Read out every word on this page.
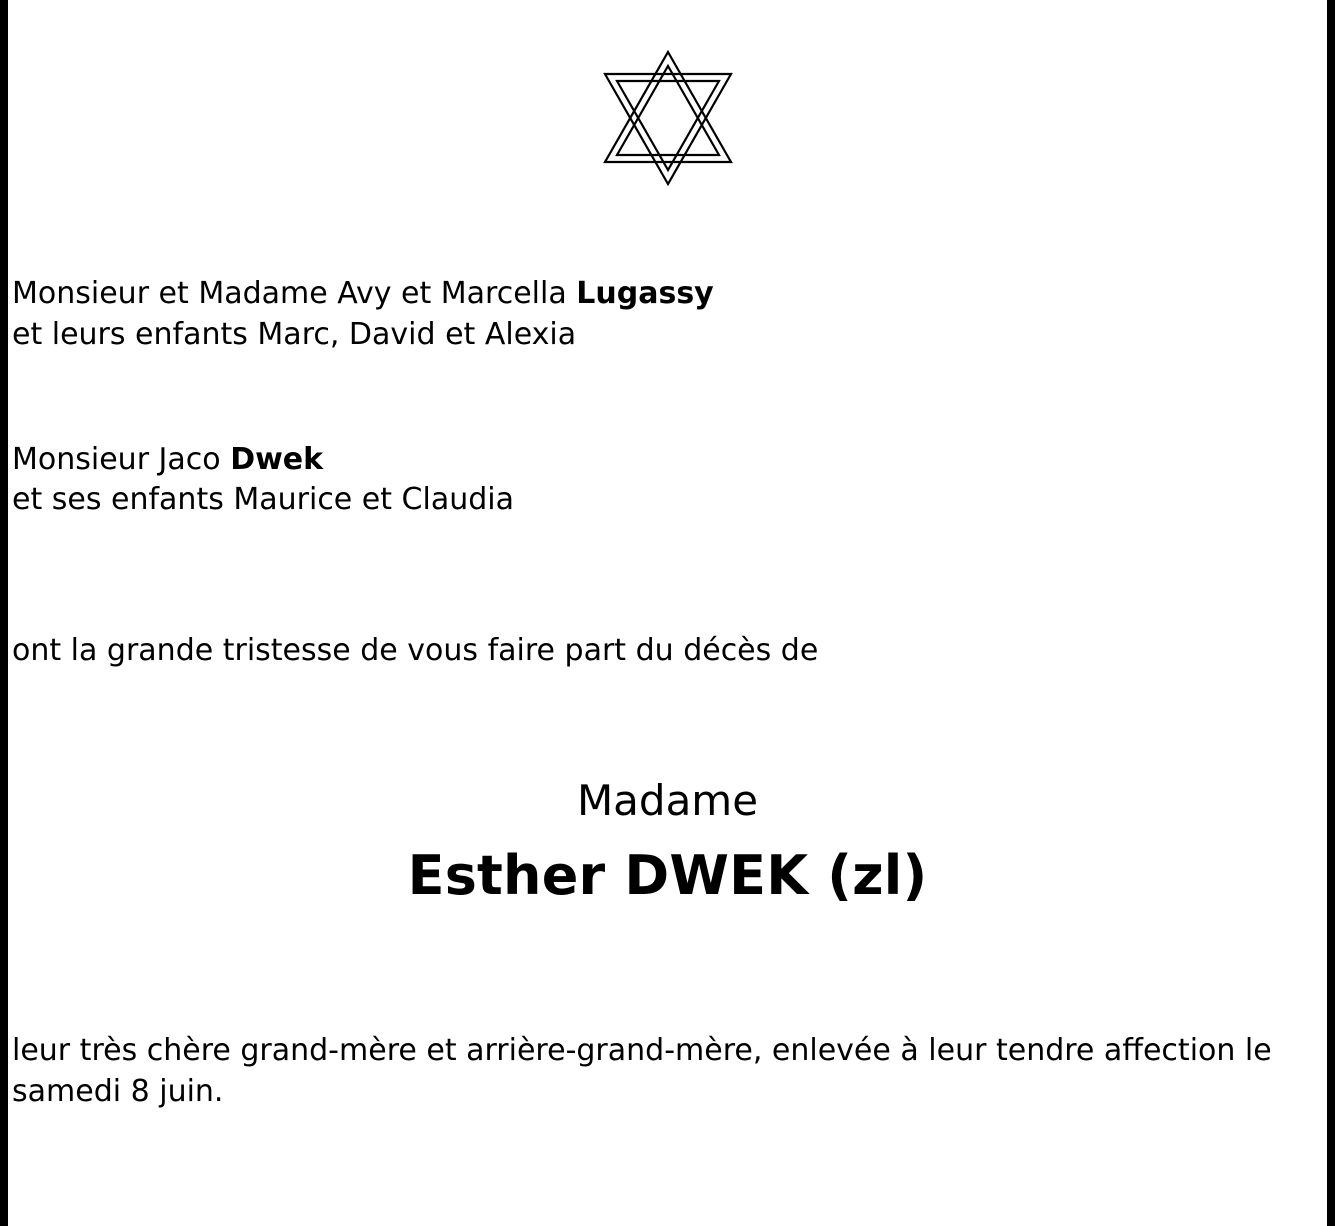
Monsieur et Madame Avy et Marcella Lugassy
et leurs enfants Marc, David et Alexia

Monsieur Jaco Dwek
et ses enfants Maurice et Claudia

ont la grande tristesse de vous faire part du décès de

Madame
Esther DWEK (zl)

leur très chère grand-mère et arrière-grand-mère, enlevée à leur tendre affection le
samedi 8 juin.
